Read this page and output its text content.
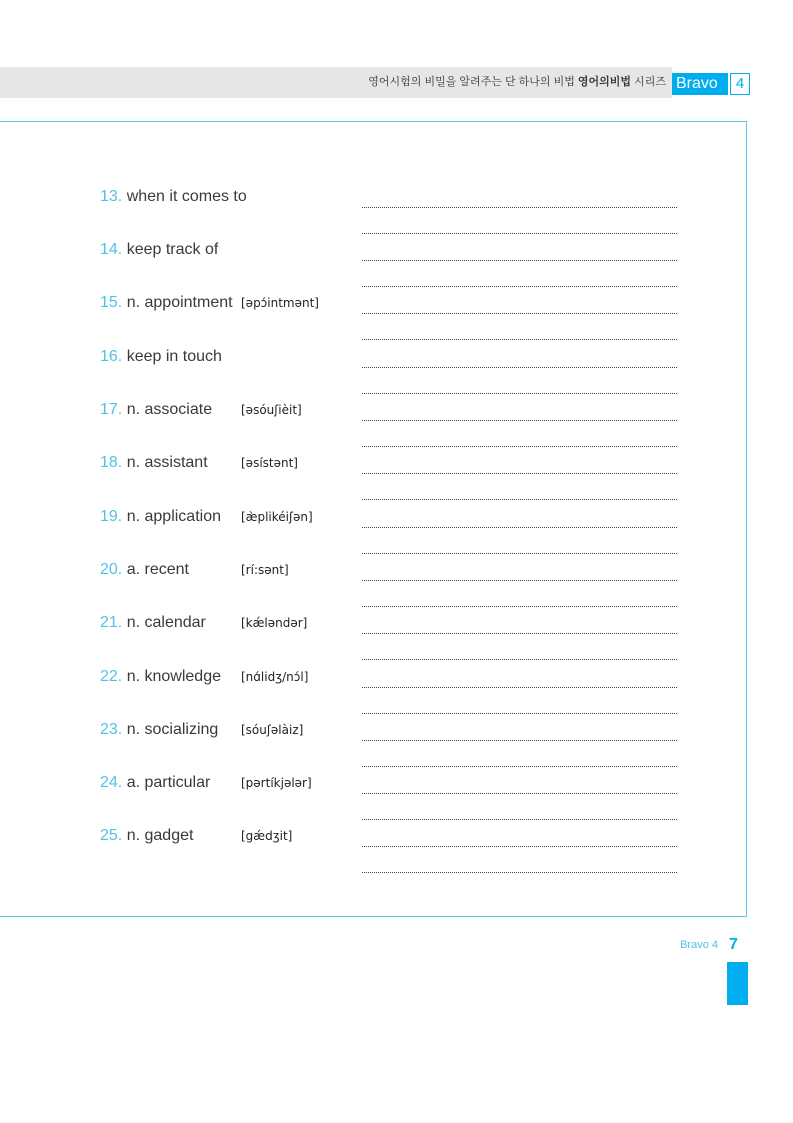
영어시험의 비밀을 알려주는 단 하나의 비법 영어의비법 시리즈 Bravo	4
13. when it comes to
14. keep track of
15. n. appointment [əpɔ́intmənt]
16. keep in touch
17. n. associate [əsóuʃièit]
18. n. assistant	[əsístənt]
19. n. application [æ̀plikéiʃən]
20. a. recent	[rí:sənt]
21. n. calendar	[kǽləndər]
22. n. knowledge [nɑ́lidʒ/nɔ́l]
23. n. socializing [sóuʃəlàiz]
24. a. particular	[pərtíkjələr]
25. n. gadget	[gǽdʒit]
Bravo 4 7
